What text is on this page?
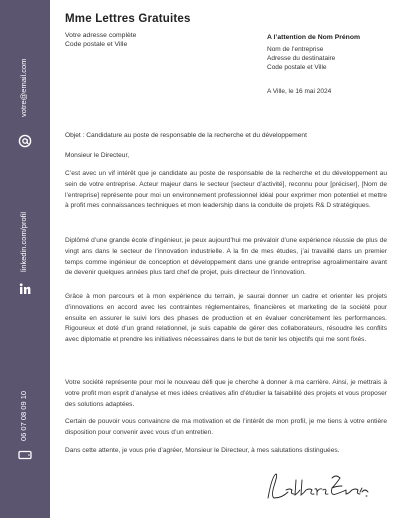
votre@email.com
linkedin.com/profil
06 07 08 09 10
Mme Lettres Gratuites
Votre adresse complète
Code postale et Ville
A l’attention de Nom Prénom
Nom de l’entreprise
Adresse du destinataire
Code postale et Ville
A Ville, le 16 mai 2024
Objet : Candidature au poste de responsable de la recherche et du développement
Monsieur le Directeur,

C’est avec un vif intérêt que je candidate au poste de responsable de la recherche et du développement au sein de votre entreprise. Acteur majeur dans le secteur [secteur d’activité], reconnu pour [préciser], [Nom de l’entreprise] représente pour moi un environnement professionnel idéal pour exprimer mon potentiel et mettre à profit mes connaissances techniques et mon leadership dans la conduite de projets R& D stratégiques.

Diplômé d’une grande école d’ingénieur, je peux aujourd’hui me prévaloir d’une expérience réussie de plus de vingt ans dans le secteur de l’innovation industrielle. A la fin de mes études, j’ai travaillé dans un premier temps comme ingénieur de conception et développement dans une grande entreprise agroalimentaire avant de devenir quelques années plus tard chef de projet, puis directeur de l’innovation.

Grâce à mon parcours et à mon expérience du terrain, je saurai donner un cadre et orienter les projets d’innovations en accord avec les contraintes réglementaires, financières et marketing de la société pour ensuite en assurer le suivi lors des phases de production et en évaluer concrètement les performances. Rigoureux et doté d’un grand relationnel, je suis capable de gérer des collaborateurs, résoudre les conflits avec diplomatie et prendre les initiatives nécessaires dans le but de tenir les objectifs qui me sont fixés.

Votre société représente pour moi le nouveau défi que je cherche à donner à ma carrière. Ainsi, je mettrais à votre profit mon esprit d’analyse et mes idées créatives afin d’étudier la faisabilité des projets et vous proposer des solutions adaptées.

Certain de pouvoir vous convaincre de ma motivation et de l’intérêt de mon profil, je me tiens à votre entière disposition pour convenir avec vous d’un entretien.

Dans cette attente, je vous prie d’agréer, Monsieur le Directeur, à mes salutations distinguées.
